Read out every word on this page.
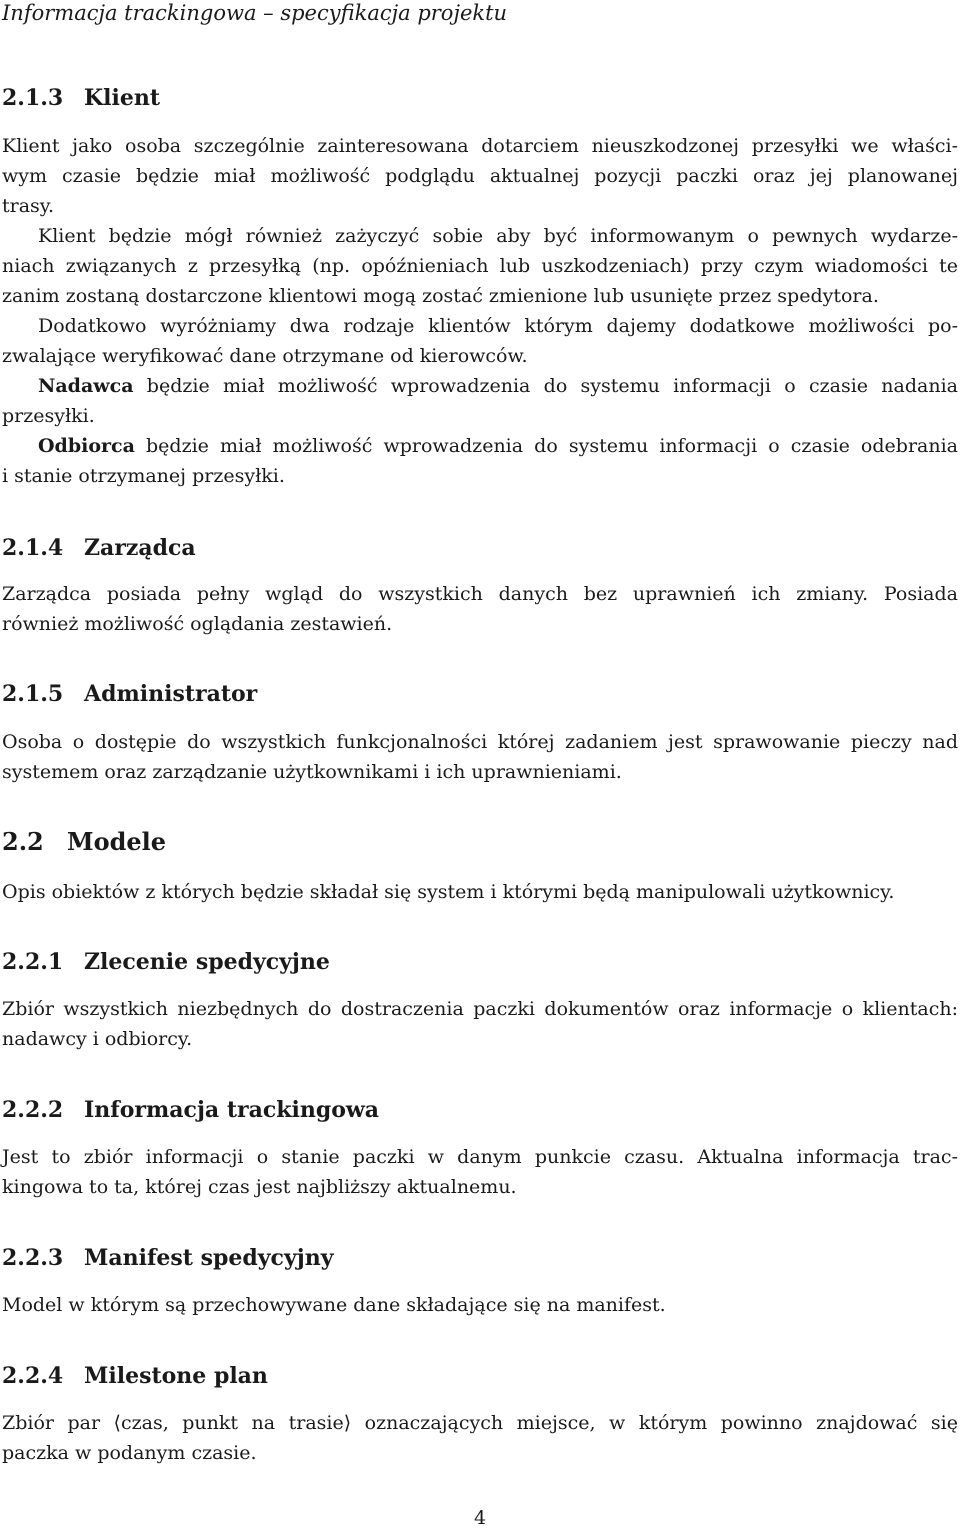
Informacja trackingowa – specyfikacja projektu
2.1.3 Klient
Klient jako osoba szczególnie zainteresowana dotarciem nieuszkodzonej przesyłki we właści-
wym czasie będzie miał możliwość podglądu aktualnej pozycji paczki oraz jej planowanej
trasy.
Klient będzie mógł również zażyczyć sobie aby być informowanym o pewnych wydarze-
niach związanych z przesyłką (np. opóźnieniach lub uszkodzeniach) przy czym wiadomości te
zanim zostaną dostarczone klientowi mogą zostać zmienione lub usunięte przez spedytora.
Dodatkowo wyróżniamy dwa rodzaje klientów którym dajemy dodatkowe możliwości po-
zwalające weryfikować dane otrzymane od kierowców.
Nadawca będzie miał możliwość wprowadzenia do systemu informacji o czasie nadania
przesyłki.
Odbiorca będzie miał możliwość wprowadzenia do systemu informacji o czasie odebrania
i stanie otrzymanej przesyłki.
2.1.4 Zarządca
Zarządca posiada pełny wgląd do wszystkich danych bez uprawnień ich zmiany. Posiada
również możliwość oglądania zestawień.
2.1.5 Administrator
Osoba o dostępie do wszystkich funkcjonalności której zadaniem jest sprawowanie pieczy nad
systemem oraz zarządzanie użytkownikami i ich uprawnieniami.
2.2 Modele
Opis obiektów z których będzie składał się system i którymi będą manipulowali użytkownicy.
2.2.1 Zlecenie spedycyjne
Zbiór wszystkich niezbędnych do dostraczenia paczki dokumentów oraz informacje o klientach:
nadawcy i odbiorcy.
2.2.2 Informacja trackingowa
Jest to zbiór informacji o stanie paczki w danym punkcie czasu. Aktualna informacja trac-
kingowa to ta, której czas jest najbliższy aktualnemu.
2.2.3 Manifest spedycyjny
Model w którym są przechowywane dane składające się na manifest.
2.2.4 Milestone plan
Zbiór par ⟨czas, punkt na trasie⟩ oznaczających miejsce, w którym powinno znajdować się
paczka w podanym czasie.
4
